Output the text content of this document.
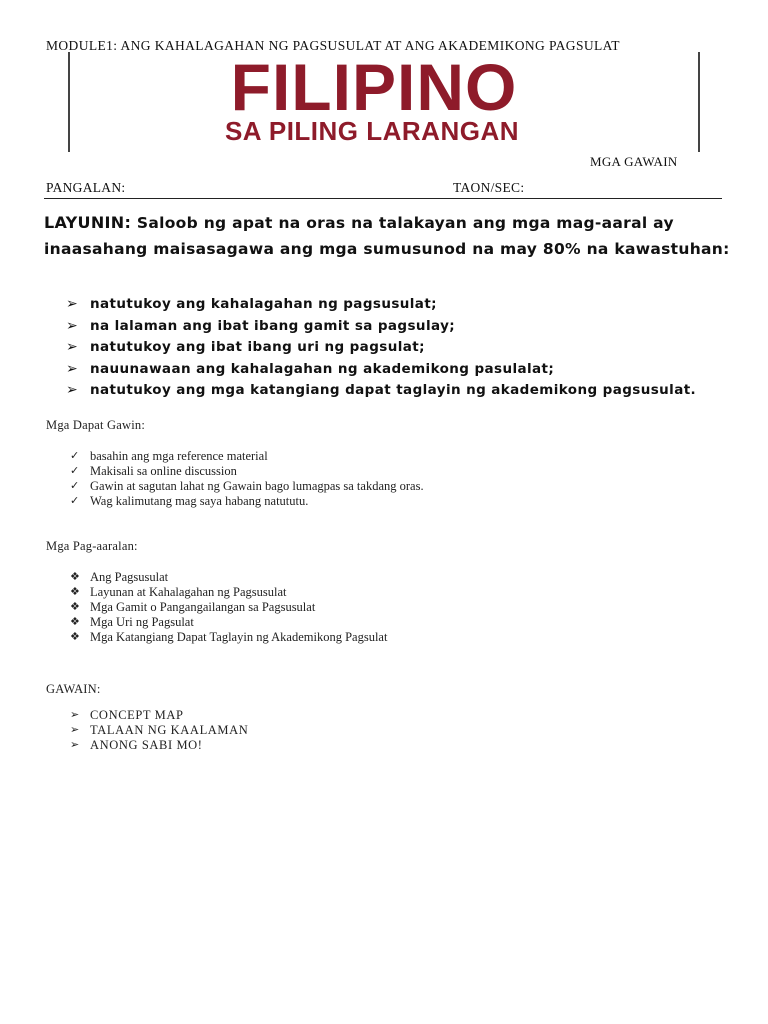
MODULE1: ANG KAHALAGAHAN NG PAGSUSULAT AT ANG AKADEMIKONG PAGSULAT
FILIPINO
SA PILING LARANGAN
MGA GAWAIN
PANGALAN:	TAON/SEC:
LAYUNIN: Saloob ng apat na oras na talakayan ang mga mag-aaral ay inaasahang maisasagawa ang mga sumusunod na may 80% na kawastuhan:
➢ natutukoy ang kahalagahan ng pagsusulat;
➢ na lalaman ang ibat ibang gamit sa pagsulay;
➢ natutukoy ang ibat ibang uri ng pagsulat;
➢ nauunawaan ang kahalagahan ng akademikong pasulalat;
➢ natutukoy ang mga katangiang dapat taglayin ng akademikong pagsusulat.
Mga Dapat Gawin:
✓ basahin ang mga reference material
✓ Makisali sa online discussion
✓ Gawin at sagutan lahat ng Gawain bago lumagpas sa takdang oras.
✓ Wag kalimutang mag saya habang natututu.
Mga Pag-aaralan:
❖ Ang Pagsusulat
❖ Layunan at Kahalagahan ng Pagsusulat
❖ Mga Gamit o Pangangailangan sa Pagsusulat
❖ Mga Uri ng Pagsulat
❖ Mga Katangiang Dapat Taglayin ng Akademikong Pagsulat
GAWAIN:
➢ CONCEPT MAP
➢ TALAAN NG KAALAMAN
➢ ANONG SABI MO!
